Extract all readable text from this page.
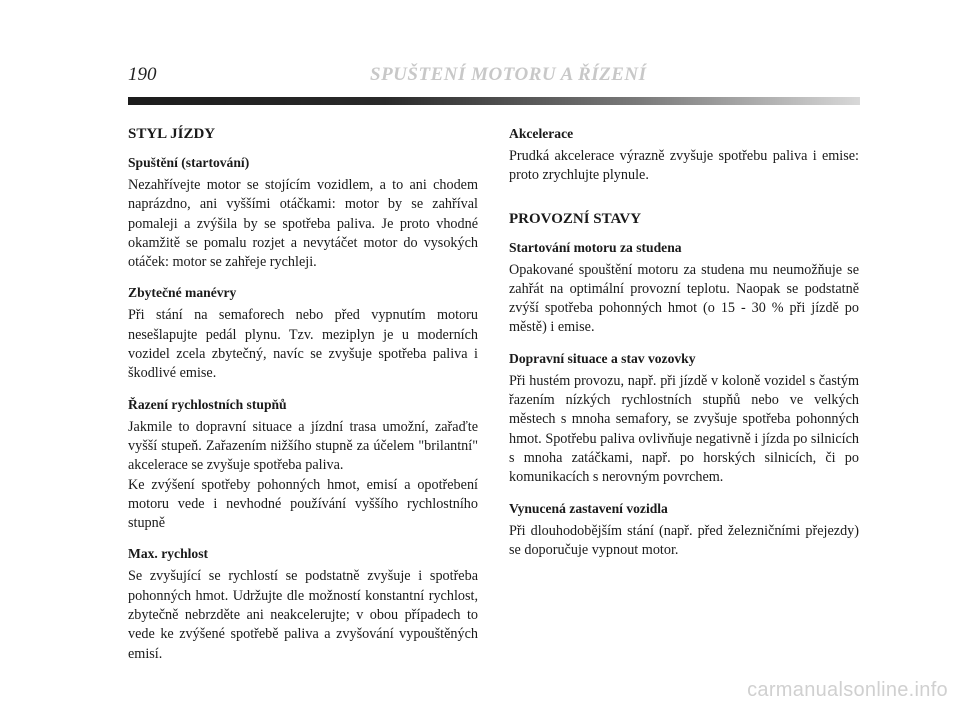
190	SPUŠTENÍ MOTORU A ŘÍZENÍ
STYL JÍZDY
Spuštění (startování)
Nezahřívejte motor se stojícím vozidlem, a to ani chodem naprázdno, ani vyššími otáčkami: motor by se zahříval pomaleji a zvýšila by se spotřeba paliva. Je proto vhodné okamžitě se pomalu rozjet a nevytáčet motor do vysokých otáček: motor se zahřeje rychleji.
Zbytečné manévry
Při stání na semaforech nebo před vypnutím motoru nesešlapujte pedál plynu. Tzv. meziplyn je u moderních vozidel zcela zbytečný, navíc se zvyšuje spotřeba paliva i škodlivé emise.
Řazení rychlostních stupňů
Jakmile to dopravní situace a jízdní trasa umožní, zařaďte vyšší stupeň. Zařazením nižšího stupně za účelem "brilantní" akcelerace se zvyšuje spotřeba paliva.
Ke zvýšení spotřeby pohonných hmot, emisí a opotřebení motoru vede i nevhodné používání vyššího rychlostního stupně
Max. rychlost
Se zvyšující se rychlostí se podstatně zvyšuje i spotřeba pohonných hmot. Udržujte dle možností konstantní rychlost, zbytečně nebrzděte ani neakcelerujte; v obou případech to vede ke zvýšené spotřebě paliva a zvyšování vypouštěných emisí.
Akcelerace
Prudká akcelerace výrazně zvyšuje spotřebu paliva i emise: proto zrychlujte plynule.
PROVOZNÍ STAVY
Startování motoru za studena
Opakované spouštění motoru za studena mu neumožňuje se zahřát na optimální provozní teplotu. Naopak se podstatně zvýší spotřeba pohonných hmot (o 15 - 30 % při jízdě po městě) i emise.
Dopravní situace a stav vozovky
Při hustém provozu, např. při jízdě v koloně vozidel s častým řazením nízkých rychlostních stupňů nebo ve velkých městech s mnoha semafory, se zvyšuje spotřeba pohonných hmot. Spotřebu paliva ovlivňuje negativně i jízda po silnicích s mnoha zatáčkami, např. po horských silnicích, či po komunikacích s nerovným povrchem.
Vynucená zastavení vozidla
Při dlouhodobějším stání (např. před železničními přejezdy) se doporučuje vypnout motor.
carmanualsonline.info
